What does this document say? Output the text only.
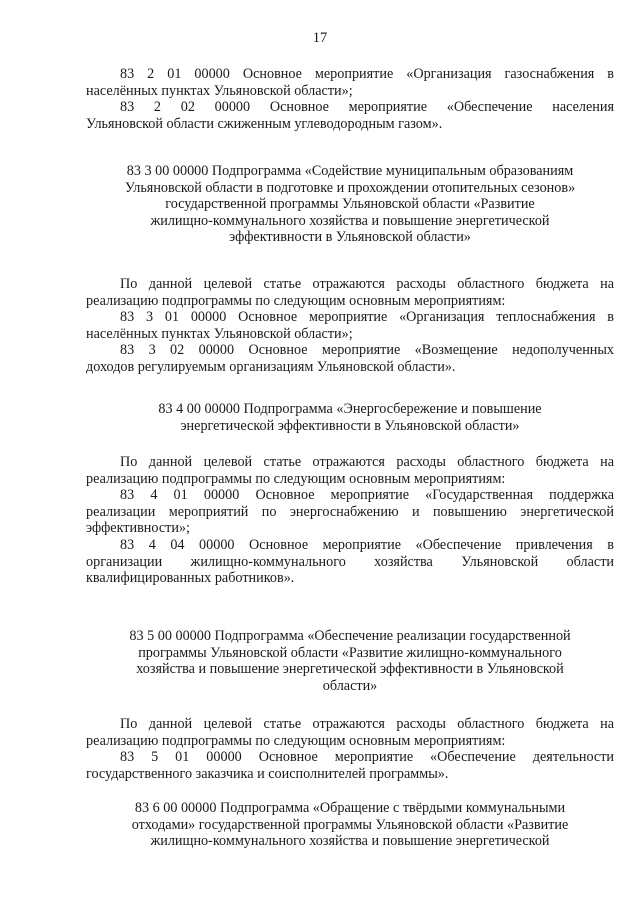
17

83 2 01 00000 Основное мероприятие «Организация газоснабжения в

населённых пунктах Ульяновской области»;

83 2 02 00000 Основное мероприятие «Обеспечение населения

Ульяновской области сжиженным углеводородным газом».

83 3 00 00000 Подпрограмма «Содействие муниципальным образованиям

Ульяновской области в подготовке и прохождении отопительных сезонов»

государственной программы Ульяновской области «Развитие

жилищно-коммунального хозяйства и повышение энергетической

эффективности в Ульяновской области»

По данной целевой статье отражаются расходы областного бюджета на

реализацию подпрограммы по следующим основным мероприятиям:

83 3 01 00000 Основное мероприятие «Организация теплоснабжения в

населённых пунктах Ульяновской области»;

83 3 02 00000 Основное мероприятие «Возмещение недополученных

доходов регулируемым организациям Ульяновской области».

83 4 00 00000 Подпрограмма «Энергосбережение и повышение

энергетической эффективности в Ульяновской области»

По данной целевой статье отражаются расходы областного бюджета на

реализацию подпрограммы по следующим основным мероприятиям:

83 4 01 00000 Основное мероприятие «Государственная поддержка

реализации мероприятий по энергоснабжению и повышению энергетической

эффективности»;

83 4 04 00000 Основное мероприятие «Обеспечение привлечения в

организации жилищно-коммунального хозяйства Ульяновской области

квалифицированных работников».

83 5 00 00000 Подпрограмма «Обеспечение реализации государственной

программы Ульяновской области «Развитие жилищно-коммунального

хозяйства и повышение энергетической эффективности в Ульяновской

области»

По данной целевой статье отражаются расходы областного бюджета на

реализацию подпрограммы по следующим основным мероприятиям:

83 5 01 00000 Основное мероприятие «Обеспечение деятельности

государственного заказчика и соисполнителей программы».

83 6 00 00000 Подпрограмма «Обращение с твёрдыми коммунальными

отходами» государственной программы Ульяновской области «Развитие

жилищно-коммунального хозяйства и повышение энергетической
